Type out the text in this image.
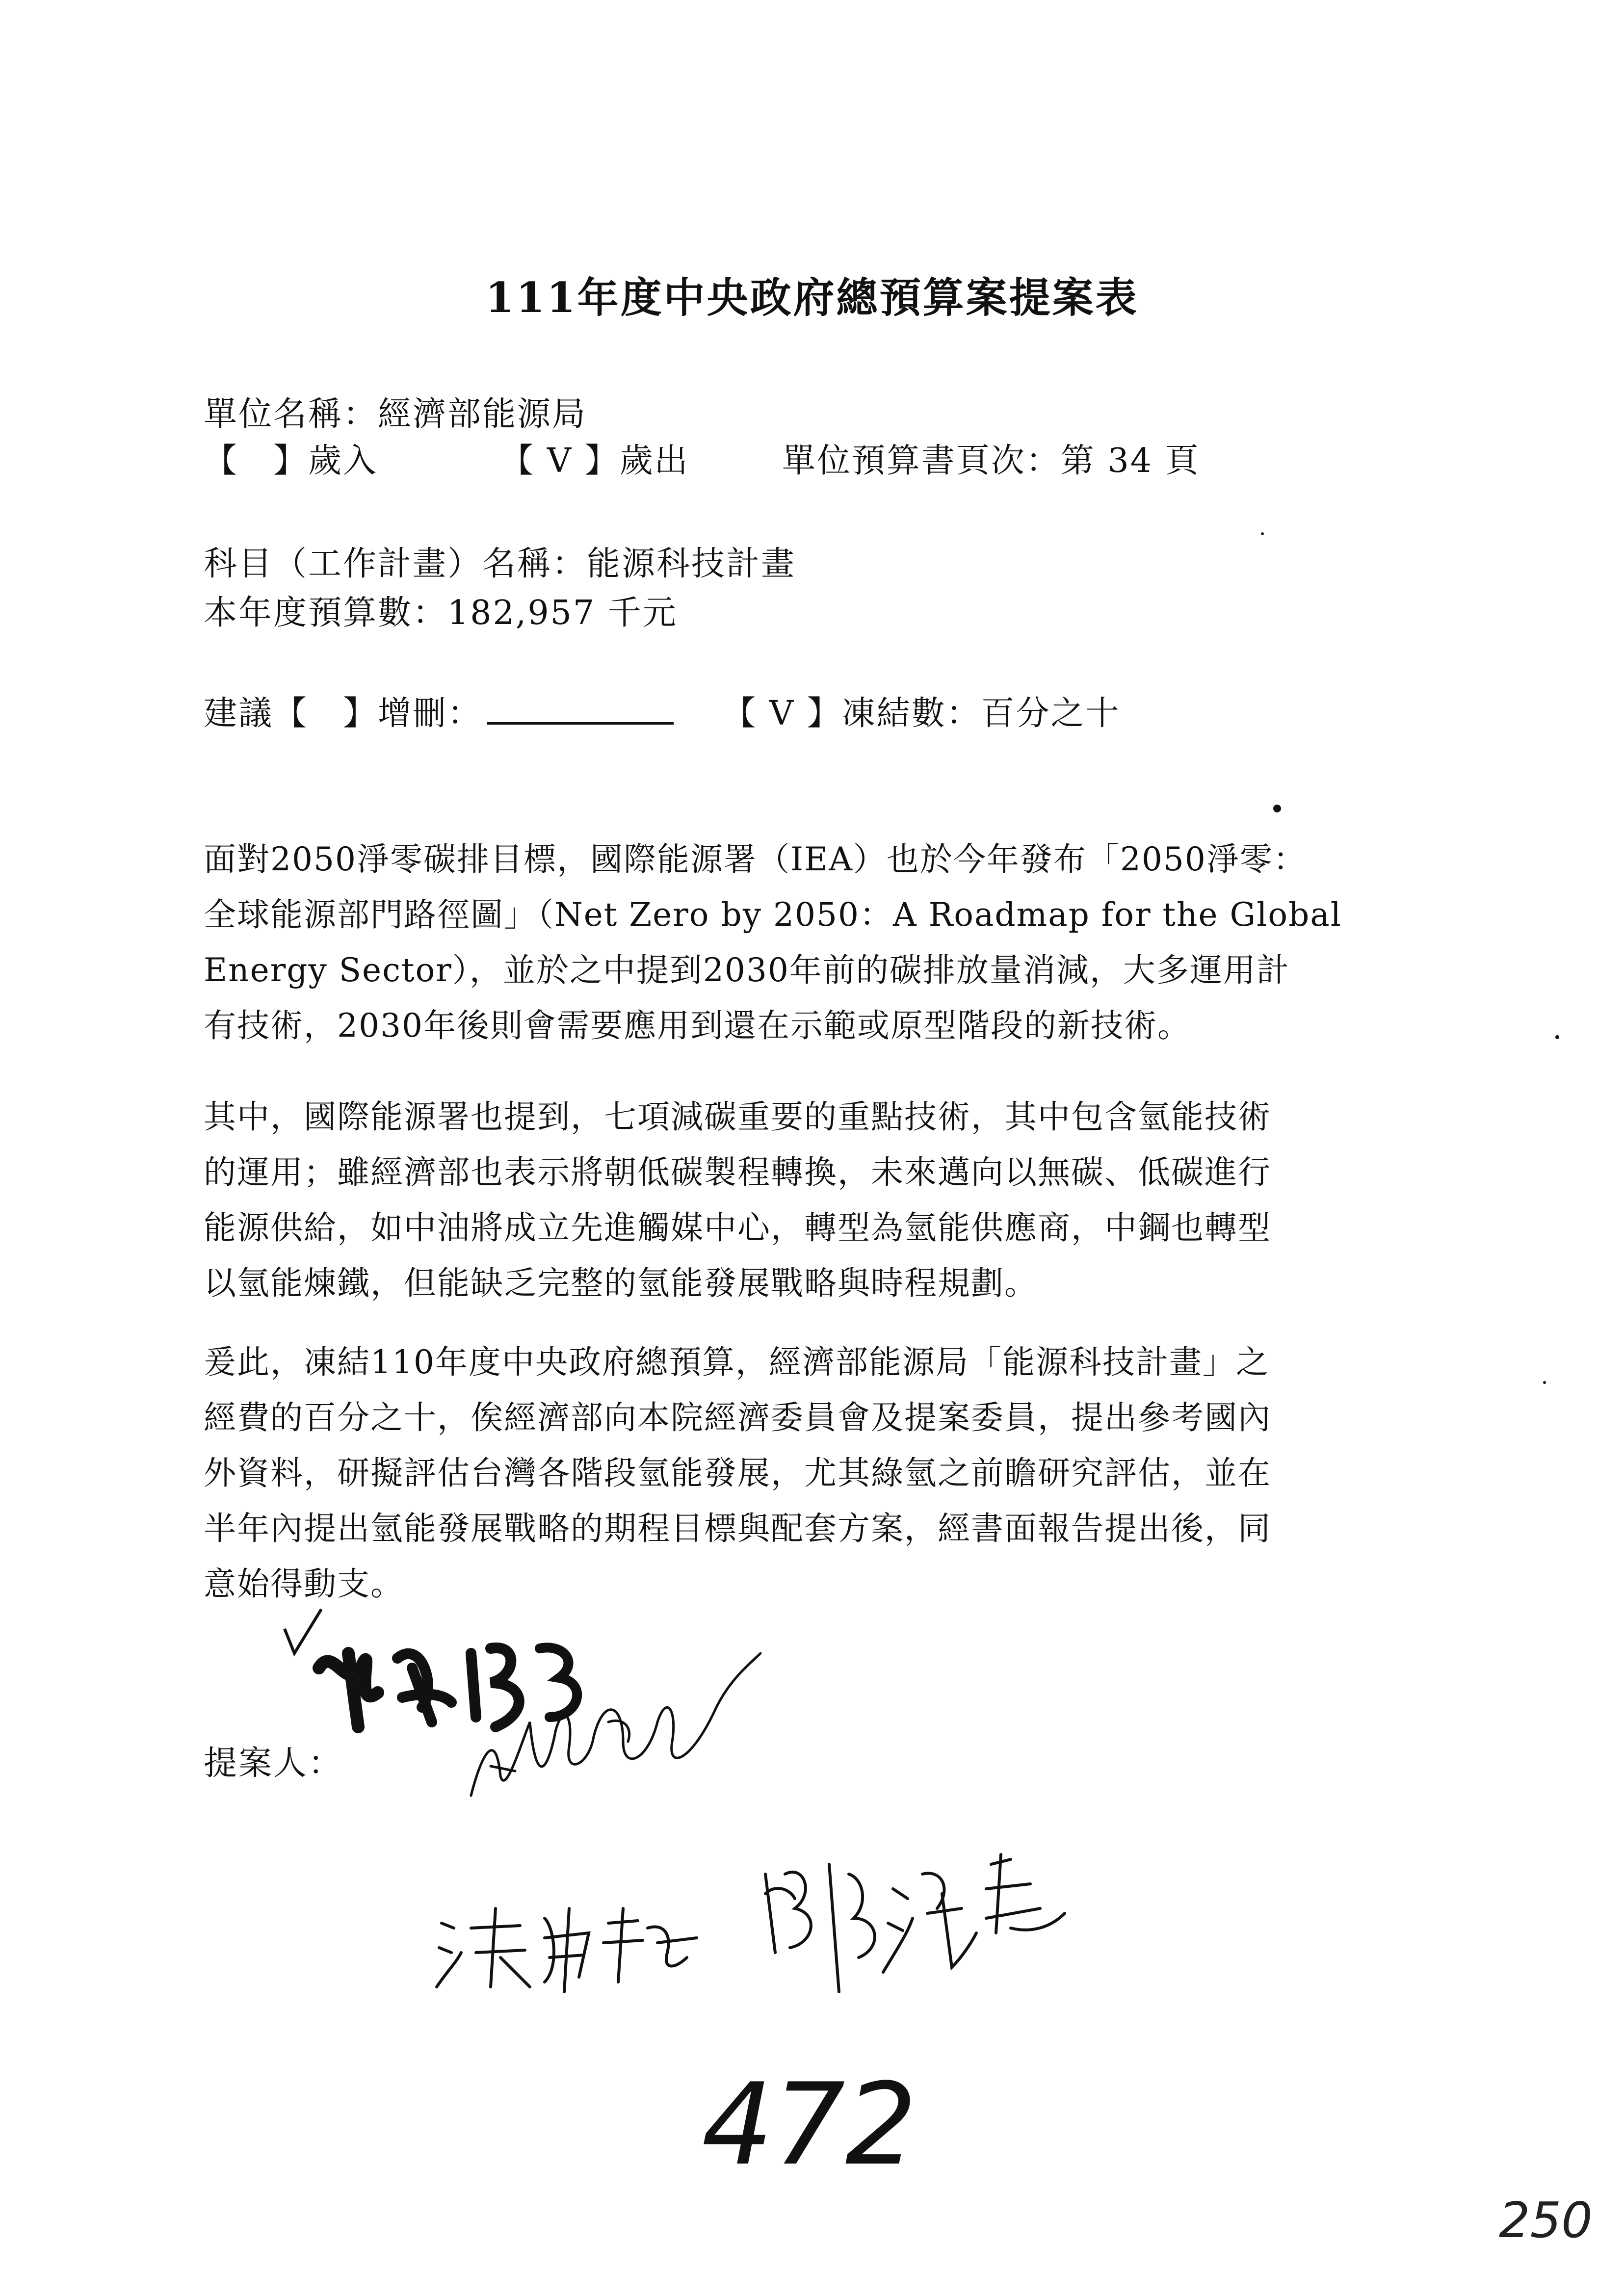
111年度中央政府總預算案提案表
單位名稱：經濟部能源局
【　】歲入	【 V 】歲出	單位預算書頁次：第 34 頁
科目（工作計畫）名稱：能源科技計畫
本年度預算數：182,957 千元
建議【　】增刪：	【 V 】凍結數：百分之十
面對2050淨零碳排目標，國際能源署（IEA）也於今年發布「2050淨零：
全球能源部門路徑圖」（Net Zero by 2050：A Roadmap for the Global
Energy Sector），並於之中提到2030年前的碳排放量消減，大多運用計
有技術，2030年後則會需要應用到還在示範或原型階段的新技術。
其中，國際能源署也提到，七項減碳重要的重點技術，其中包含氫能技術
的運用；雖經濟部也表示將朝低碳製程轉換，未來邁向以無碳、低碳進行
能源供給，如中油將成立先進觸媒中心，轉型為氫能供應商，中鋼也轉型
以氫能煉鐵，但能缺乏完整的氫能發展戰略與時程規劃。
爰此，凍結110年度中央政府總預算，經濟部能源局「能源科技計畫」之
經費的百分之十，俟經濟部向本院經濟委員會及提案委員，提出參考國內
外資料，研擬評估台灣各階段氫能發展，尤其綠氫之前瞻研究評估，並在
半年內提出氫能發展戰略的期程目標與配套方案，經書面報告提出後，同
意始得動支。
提案人：
472
250
